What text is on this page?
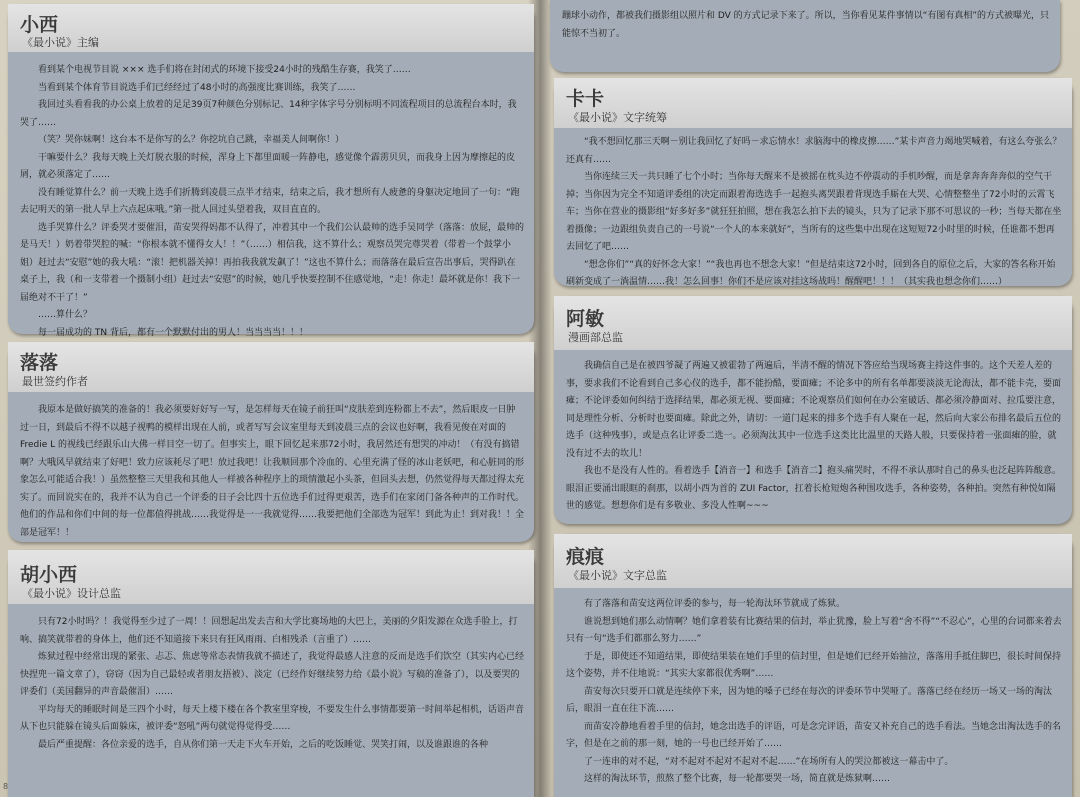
小西
《最小说》主编

看到某个电视节目说 ××× 选手们将在封闭式的环境下接受24小时的残酷生存赛，我笑了……

当看到某个体育节目说选手们已经经过了48小时的高强度比赛训练，我笑了……

我回过头看看我的办公桌上放着的足足39页7种颜色分别标记、14种字体字号分别标明不同流程项目的总流程台本时，我哭了……

（笑？哭你妹啊！这台本不是你写的么？你挖坑自己跳，幸福美人间啊你！）

干嘛要什么？我每天晚上关灯脱衣服的时候，浑身上下都里面暖一阵静电，感觉像个霹雳贝贝，而我身上因为摩擦起的皮屑，就必须落定了……

没有睡觉算什么？前一天晚上选手们折腾到凌晨三点半才结束，结束之后，我才想所有人疲惫的身躯决定地回了一句：“跑去记明天的第一批人早上六点起床哦。”第一批人回过头望着我，双目直直的。

选手哭算什么？评委哭才要催泪，苗安哭得妈都不认得了，冲着其中一个我们公认最帅的选手吴同学（落落：放屁，最帅的是马天！）奶着带哭腔的喊：“你根本就不懂得女人！！”（……）相信我，这不算什么；观察员哭完尊哭着（带着一个鼓掌小姐）赶过去“安慰”她的我大吼：“滚！把机器关掉！再拍我我就发飙了！”这也不算什么；而落落在最后宣告出事后，哭得趴在桌子上，我（和一支带着一个摄制小组）赶过去“安慰”的时候，她几乎快要控制不住感觉地，“走！你走！最坏就是你！我下一届绝对不干了！”

……算什么？

每一届成功的 TN 背后，都有一个默默付出的男人！当当当当！！！

落落
最世签约作者

我原本是做好搞笑的准备的！我必须要好好写一写，是怎样每天在镜子前狂叫“皮肤差到连粉都上不去”，然后眼皮一日肿过一日，到最后不得不以越子视鸭的模样出现在人前，或者写写会议室里每天到凌晨三点的会议也好啊，我看见俊在对面的 Fredie L 的视线已经跟乐山大佛一样目空一切了。但事实上，眼下回忆起来那72小时，我居然还有想哭的冲动！（有没有搞错啊？大哦风早就结束了好吧！致力应该耗尽了吧！放过我吧！让我顺回那个冷血的、心里充满了怪的冰山老妖吧，和心脏同的形象怎么可能适合我！）虽然整整三天里我和其他人一样被各种程序上的琐情激起小头茶，但回头去想，仍然觉得每天都过得太充实了。而回说实在的，我并不认为自己一个评委的日子会比四十五位选手们过得更艰苦，选手们在家闭门备各种声的工作时代。他们的作品和你们中间的每一位都值得挑战……我觉得是一一我就觉得……我要把他们全部选为冠军！到此为止！到对我！！全部是冠军！！

胡小西
《最小说》设计总监

只有72小时吗？！我觉得至少过了一周！！回想起出发去吉和大学比赛场地的大巴上，美丽的夕阳发源在众选手脸上，打响、搞笑就带着的身体上，他们还不知道接下来只有狂风雨雨、白相残杀（言重了）……

炼狱过程中经常出现的紧张、忐忑、焦虑等常态表情我就不描述了，我觉得最感人注意的反而是选手们饮空（其实内心已经快捏兜一篇文章了），窃窃（因为自己最轻或者朋友捂被）、淡定（已经作好继续努力给《最小说》写稿的准备了），以及要哭的评委们（美国翻异的声音最催泪）……

平均每天的睡眠时间是三四个小时，每天上楼下楼在各个教室里穿梭，不要发生什么事情都要第一时间举起相机，话语声音从下也只能躲在镜头后面躲床，被评委“怒吼”两句就觉得觉得受……

最后严重提醒：各位亲爱的选手，自从你们第一天走下火车开始，之后的吃饭睡觉、哭笑打闹，以及谁跟谁的各种

8

蹦球小动作，都被我们摄影组以照片和 DV 的方式记录下来了。所以，当你看见某件事情以“有图有真相”的方式被曝光，只能惊不当初了。

卡卡
《最小说》文字统筹

“我不想回忆那三天啊－别让我回忆了好吗－求忘情水！求脑海中的橡皮擦……”某卡声音力竭地哭喊着，有这么夸张么？还真有……

当你连续三天一共只睡了七个小时；当你每天醒来不是被摇在枕头边不停震动的手机吵醒，而是拿奔奔奔奔似的空气干掉；当你因为完全不知道评委组的决定而跟着海选选手一起抱头离哭跟着背现选手厮在大哭、心情整整坐了72小时的云霄飞车；当你在营业的摄影组“好多好多”就狂狂拍照，想在我怎么拍下去的镜头，只为了记录下那不可思议的一秒；当每天都在坐着摄像；一边跟组负责自己的一号说“一个人的本来就好”，当所有的这些集中出现在这短短72小时里的时候，任谁都不想再去回忆了吧……

“想念你们”“真的好怀念大家！”“我也再也不想念大家！”但是结束这72小时，回到各自的原位之后，大家的答名称开始刷新变成了一淌温情……我！怎么回事！你们不是应该对挂这场战吗！醒醒吧！！！（其实我也想念你们……）

阿敏
漫画部总监

我确信自己是在被四爷凝了两遍又被霍勃了两遍后，半清不醒的情况下答应给当现场赛主持这件事的。这个天差人差的事，要求我们不论看到自己多心仪的选手，都不能扮酷，要面瘫；不论多中的所有名单都要淡淡无论海汰，都不能卡壳，要面瘫；不论评委如何纠结于选择结果，都必须无视、要面瘫；不论观察员们如何在办公室破话、都必须冷静面对、拉瓜要注意，同是理性分析、分析时也要面瘫。除此之外，请切：一道门起来的排多个选手有人聚在一起，然后向大家公布排名最后五位的选手（这种残事），或是点名让评委二选一。必须淘汰其中一位选手这类比比温里的天路人般，只要保持着一张面瘫的脸，就没有过不去的坎儿！

我也不是没有人性的。看着选手【消音一】和选手【消音二】抱头痛哭时，不得不承认那时自己的鼻头也泛起阵阵酸意。眼泪正要涌出眼眶的刹那，以胡小西为首的 ZUI Factor，扛着长枪短炮各种围攻选手，各种姿势，各种拍。突然有种悦如隔世的感觉。想想你们是有多敬业、多没人性啊~~~

痕痕
《最小说》文字总监

有了落落和苗安这两位评委的参与，每一轮海汰环节就成了炼狱。

谁说想到她们那么动情啊？她们拿着装有比赛结果的信封，举止犹豫，脸上写着“舍不得”“不忍心”，心里的台词都来着去只有一句“选手们都那么努力……”

于是，即使还不知道结果，即使结果装在她们手里的信封里，但是她们已经开始抽泣，落落用手抵住脚巴，很长时间保持这个姿势，并不住地说：“其实大家都很优秀啊”……

苗安每次只要开口就是连续停下来，因为她的嗓子已经在每次的评委环节中哭哑了。落落已经在经历一场又一场的淘汰后，眼泪一直在往下流……

而苗安冷静地看着手里的信封，她念出选手的评语，可是念完评语，苗安又补充自己的选手看法。当她念出淘汰选手的名字，但是在之前的那一刻，她的一号也已经开始了……

了一连串的对不起，“对不起对不起对不起对不起……”在场所有人的哭泣都被这一幕击中了。

这样的淘汰环节，煎熬了整个比赛，每一轮都要哭一场，简直就是炼狱啊……
